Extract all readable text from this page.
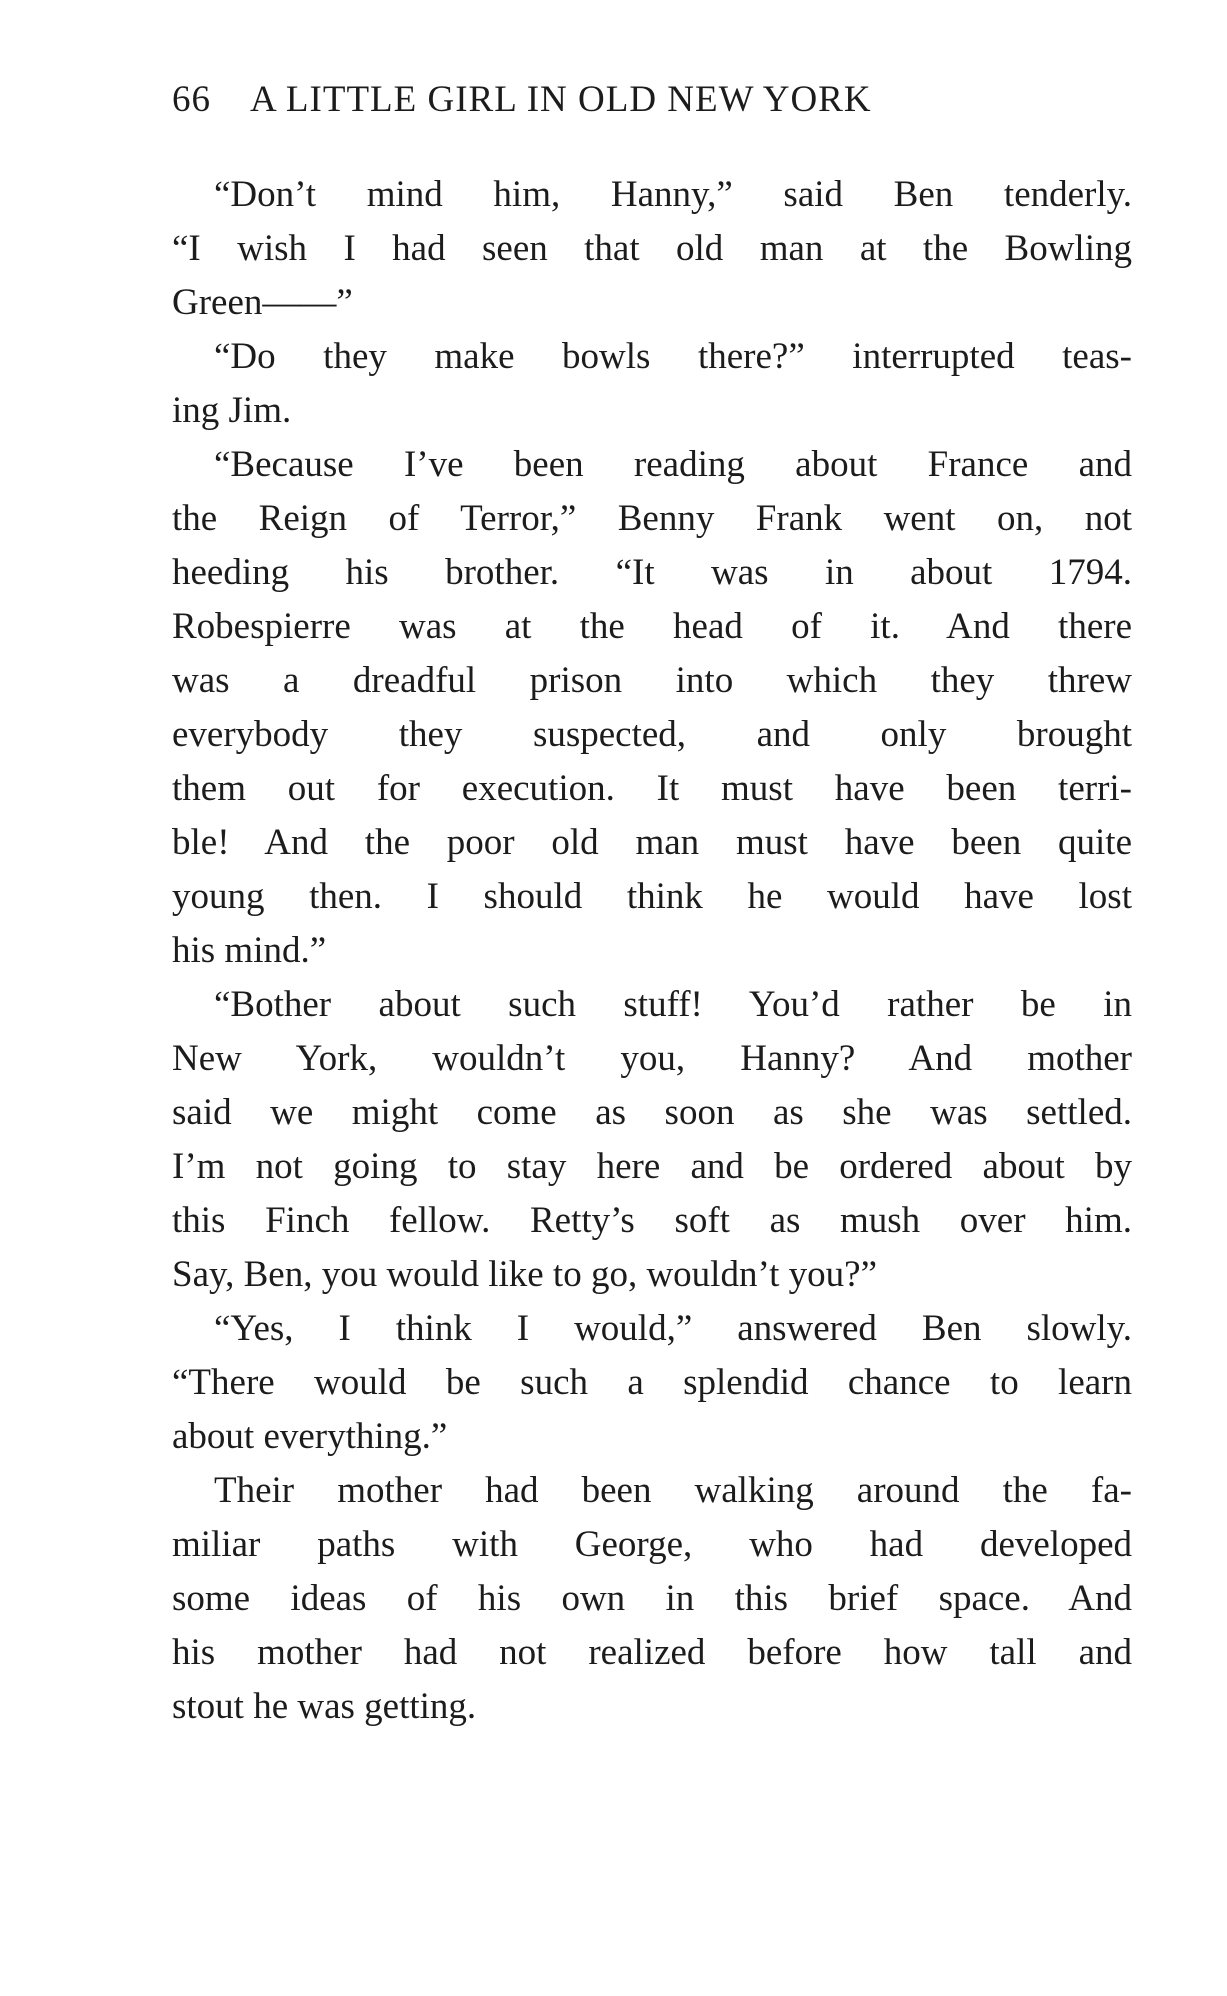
66 A LITTLE GIRL IN OLD NEW YORK
“Don’t mind him, Hanny,” said Ben tenderly.
“I wish I had seen that old man at the Bowling
Green——”
“Do they make bowls there?” interrupted teas-
ing Jim.
“Because I’ve been reading about France and
the Reign of Terror,” Benny Frank went on, not
heeding his brother. “It was in about 1794.
Robespierre was at the head of it. And there
was a dreadful prison into which they threw
everybody they suspected, and only brought
them out for execution. It must have been terri-
ble! And the poor old man must have been quite
young then. I should think he would have lost
his mind.”
“Bother about such stuff! You’d rather be in
New York, wouldn’t you, Hanny? And mother
said we might come as soon as she was settled.
I’m not going to stay here and be ordered about by
this Finch fellow. Retty’s soft as mush over him.
Say, Ben, you would like to go, wouldn’t you?”
“Yes, I think I would,” answered Ben slowly.
“There would be such a splendid chance to learn
about everything.”
Their mother had been walking around the fa-
miliar paths with George, who had developed
some ideas of his own in this brief space. And
his mother had not realized before how tall and
stout he was getting.
